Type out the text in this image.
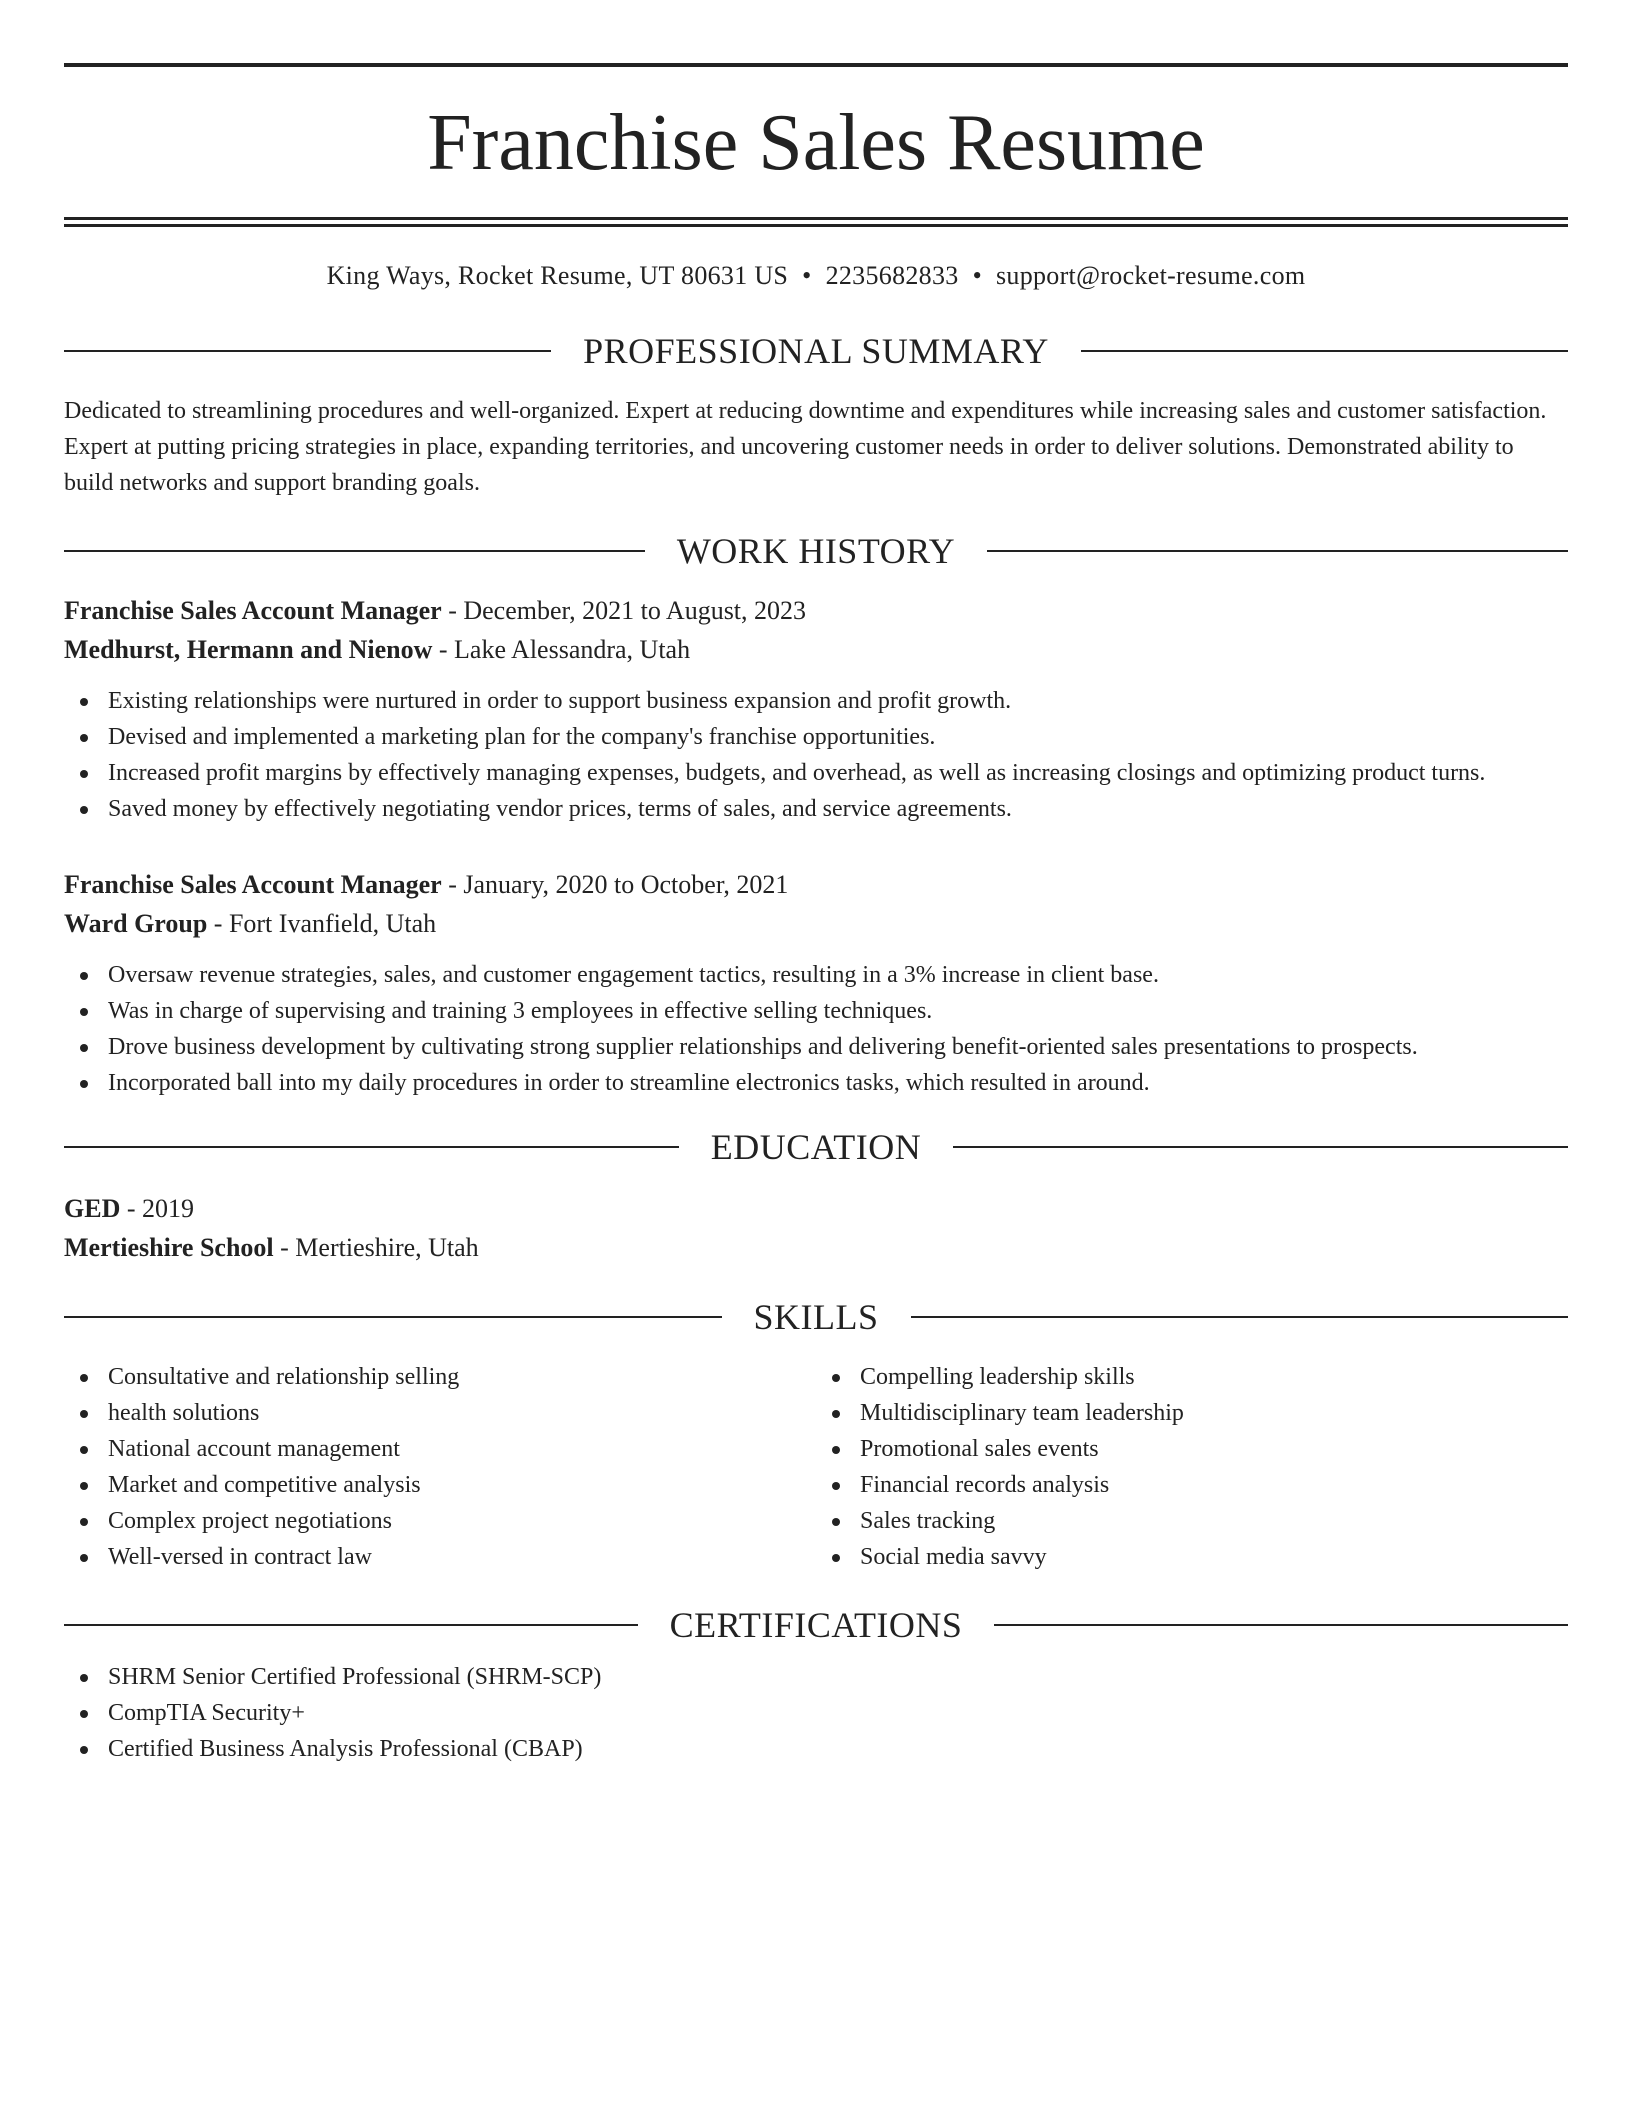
Franchise Sales Resume
King Ways, Rocket Resume, UT 80631 US • 2235682833 • support@rocket-resume.com
PROFESSIONAL SUMMARY

Dedicated to streamlining procedures and well-organized. Expert at reducing downtime and expenditures while increasing sales and customer satisfaction. Expert at putting pricing strategies in place, expanding territories, and uncovering customer needs in order to deliver solutions. Demonstrated ability to build networks and support branding goals.

WORK HISTORY
Franchise Sales Account Manager - December, 2021 to August, 2023
Medhurst, Hermann and Nienow - Lake Alessandra, Utah
Existing relationships were nurtured in order to support business expansion and profit growth.
Devised and implemented a marketing plan for the company's franchise opportunities.
Increased profit margins by effectively managing expenses, budgets, and overhead, as well as increasing closings and optimizing product turns.
Saved money by effectively negotiating vendor prices, terms of sales, and service agreements.
Franchise Sales Account Manager - January, 2020 to October, 2021
Ward Group - Fort Ivanfield, Utah
Oversaw revenue strategies, sales, and customer engagement tactics, resulting in a 3% increase in client base.
Was in charge of supervising and training 3 employees in effective selling techniques.
Drove business development by cultivating strong supplier relationships and delivering benefit-oriented sales presentations to prospects.
Incorporated ball into my daily procedures in order to streamline electronics tasks, which resulted in around.
EDUCATION
GED - 2019
Mertieshire School - Mertieshire, Utah
SKILLS
Consultative and relationship selling
health solutions
National account management
Market and competitive analysis
Complex project negotiations
Well-versed in contract law
Compelling leadership skills
Multidisciplinary team leadership
Promotional sales events
Financial records analysis
Sales tracking
Social media savvy
CERTIFICATIONS
SHRM Senior Certified Professional (SHRM-SCP)
CompTIA Security+
Certified Business Analysis Professional (CBAP)
